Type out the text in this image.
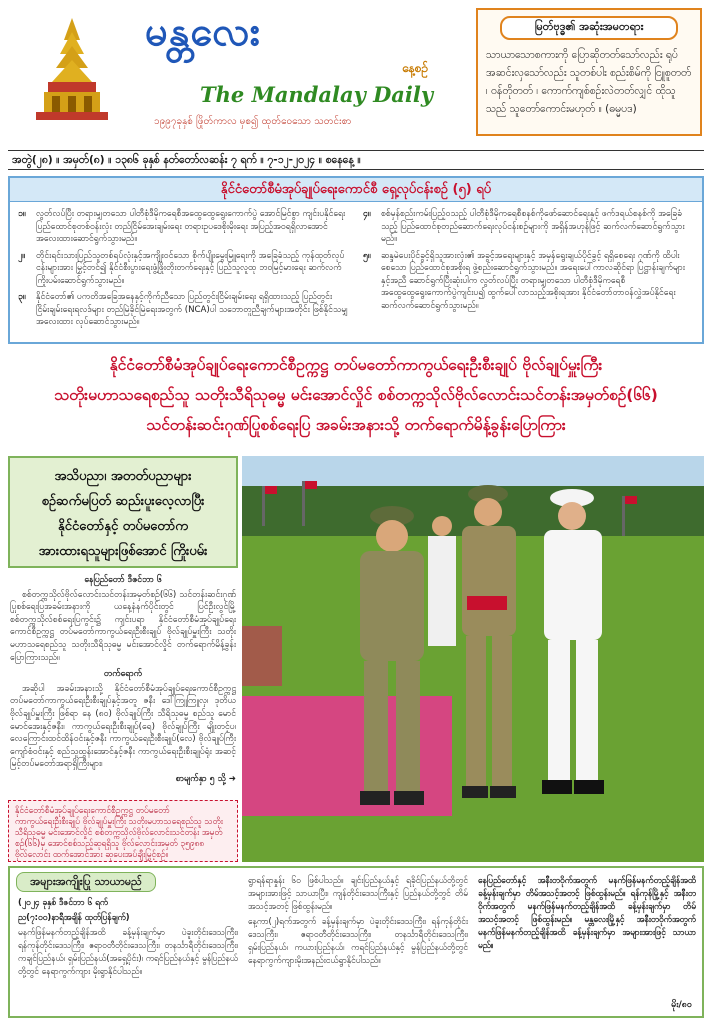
မန္တလေး
နေ့စဉ်
The Mandalay Daily
၁၉၉၇ခုနှစ် ဖြိုတ်ကာလ မှစ၍ ထုတ်ဝေသော သတင်းစာ
မြတ်ဗုဒ္ဓ၏ အဆုံးအမတရား
သာယာသောစကားကို ပြောဆိုတတ်သော်လည်း ရုပ်အဆင်းလှသော်လည်း သူတစ်ပါး စည်းစိမ်ကို ငြူစူတတ် ၊ ဝန်တိုတတ် ၊ ကောက်ကျစ်စဉ်းလဲတတ်လျှင် ထိုသူသည် သူတော်ကောင်းမဟုတ် ။ (ဓမ္မပဒ)
အတွဲ(၂၈) ။ အမှတ်(၈) ။ ၁၃၈၆ ခုနှစ် နတ်တော်လဆန်း ၇ ရက် ။ ၇-၁၂-၂၀၂၄ ။ စနေနေ့ ။
နိုင်ငံတော်စီမံအုပ်ချုပ်ရေးကောင်စီ ရှေ့လုပ်ငန်းစဉ် (၅) ရပ်
၁။	လွတ်လပ်ပြီး တရားမျှတသော ပါတီစုံဒီမိုကရေစီအထွေထွေရွေးကောက်ပွဲ အောင်မြင်စွာ ကျင်းပနိုင်ရေး ပြည်ထောင်စုတစ်ဝန်းလုံး တည်ငြိမ်အေးချမ်းရေး တရားဥပဒေစိုးမိုးရေး အပြည့်အဝရရှိလာအောင် အလေးထားဆောင်ရွက်သွားမည်။
၂။	တိုင်းရင်းသားပြည်သူတစ်ရပ်လုံးနှင့်အကျိုးဝင်သော စိုက်ပျိုးမွေးမြူရေးကို အခြေခံသည့် ကုန်ထုတ်လုပ်ငန်းများအား မြှင့်တင်၍ နိုင်ငံစီးပွားရေးဖွံ့ဖြိုးတိုးတက်ရေးနှင့် ပြည်သူလူထု ဘဝမြင့်မားရေး ဆက်လက်ကြိုးပမ်းဆောင်ရွက်သွားမည်။
၃။	နိုင်ငံတော်၏ ပကတိအခြေအနေနှင့်ကိုက်ညီသော ပြည်တွင်းငြိမ်းချမ်းရေး ရရှိထားသည့် ပြည်တွင်းငြိမ်းချမ်းရေးရလဒ်များ တည်မြဲခိုင်မြဲရေးအတွက် (NCA)ပါ သဘောတူညီချက်များအတိုင်း ဖြစ်နိုင်သမျှ အလေးထား လုပ်ဆောင်သွားမည်။
၄။	စစ်မှန်စည်းကမ်းပြည့်ဝသည့် ပါတီစုံဒီမိုကရေစီစနစ်ကိုဖော်ဆောင်ရေးနှင့် ဖက်ဒရယ်စနစ်ကို အခြေခံသည့် ပြည်ထောင်စုတည်ဆောက်ရေးလုပ်ငန်းစဉ်များကို အရှိန်အဟုန်ဖြင့် ဆက်လက်ဆောင်ရွက်သွားမည်။
၅။	ဆန္ဒမဲပေးပိုင်ခွင့်ရှိသူအားလုံး၏ အခွင့်အရေးများနှင့် အမှန်ရွေးချယ်ပိုင်ခွင့် ရရှိစေရေး ဂုဏ်ကို ထိပါးစေသော ပြည်ထောင်စုအစိုးရ ဖွဲ့စည်းဆောင်ရွက်သွားမည်။ အရေးပေါ်ကာလဆိုင်ရာ ပြဋ္ဌာန်းချက်များနှင့်အညီ ဆောင်ရွက်ပြီးဆုံးပါက လွတ်လပ်ပြီး တရားမျှတသော ပါတီစုံဒီမိုကရေစီ အထွေထွေရွေးကောက်ပွဲကျင်းပ၍ ထွက်ပေါ်လာသည့်အစိုးရအား နိုင်ငံတော်တာဝန်လွှဲအပ်နိုင်ရေး ဆက်လက်ဆောင်ရွက်သွားမည်။
နိုင်ငံတော်စီမံအုပ်ချုပ်ရေးကောင်စီဥက္ကဋ္ဌ တပ်မတော်ကာကွယ်ရေးဦးစီးချုပ် ဗိုလ်ချုပ်မှူးကြီး
သတိုးမဟာသရေစည်သူ သတိုးသီရိသုဓမ္မ မင်းအောင်လှိုင် စစ်တက္ကသိုလ်ဗိုလ်လောင်းသင်တန်းအမှတ်စဉ်(၆၆)
သင်တန်းဆင်းဂုဏ်ပြုစစ်ရေးပြ အခမ်းအနားသို့ တက်ရောက်မိန့်ခွန်းပြောကြား
အသိပညာ၊ အတတ်ပညာများ
စဉ်ဆက်မပြတ် ဆည်းပူးလေ့လာပြီး
နိုင်ငံတော်နှင့် တပ်မတော်က
အားထားရသူများဖြစ်အောင် ကြိုးပမ်း

နေပြည်တော် ဒီဇင်ဘာ ၆

စစ်တက္ကသိုလ်ဗိုလ်လောင်းသင်တန်းအမှတ်စဉ်(၆၆) သင်တန်းဆင်းဂုဏ်ပြုစစ်ရေးပြအခမ်းအနားကို ယနေ့နံနက်ပိုင်းတွင် ပြင်ဦးလွင်မြို့ စစ်တက္ကသိုလ်စစ်ရေးပြကွင်း၌ ကျင်းပရာ နိုင်ငံတော်စီမံအုပ်ချုပ်ရေးကောင်စီဥက္ကဋ္ဌ တပ်မတော်ကာကွယ်ရေးဦးစီးချုပ် ဗိုလ်ချုပ်မှူးကြီး သတိုးမဟာသရေစည်သူ သတိုးသီရိသုဓမ္မ မင်းအောင်လှိုင် တက်ရောက်မိန့်ခွန်းပြောကြားသည်။

တက်ရောက်

အဆိုပါ အခမ်းအနားသို့ နိုင်ငံတော်စီမံအုပ်ချုပ်ရေးကောင်စီဥက္ကဋ္ဌ တပ်မတော်ကာကွယ်ရေးဦးစီးချုပ်နှင့်အတူ ဇနီး ဒေါ်ကြူကြူလှ၊ ဒုတိယဗိုလ်ချုပ်မှူးကြီး ဖြစ်ရာ နေ (၈၀) ဗိုလ်ချုပ်ကြီး သီရိသုဓမ္မ စည်သူ မောင်မောင်အေးနှင့်ဇနီး၊ ကာကွယ်ရေးဦးစီးချုပ်(ရေ) ဗိုလ်ချုပ်ကြီး မျိုးတင့်ပ၊ လေကြောင်းထင်ထိန်ဝင်းနှင့်ဇနီး ကာကွယ်ရေးဦးစီးချုပ်(လေ) ဗိုလ်ချုပ်ကြီး ကျော်စံဝင်းနှင့် စည်သူထွန်းအောင်နှင့်ဇနီး ကာကွယ်ရေးဦးစီးချုပ်ရုံး အဆင့်မြင့်တပ်မတော်အရာရှိကြီးများ၊

စာမျက်နှာ ၅ သို့ ➜

နိုင်ငံတော်စီမံအုပ်ချုပ်ရေးကောင်စီဥက္ကဋ္ဌ တပ်မတော်ကာကွယ်ရေးဦးစီးချုပ် ဗိုလ်ချုပ်မှူးကြီး သတိုးမဟာသရေစည်သူ သတိုးသီရိသုဓမ္မ မင်းအောင်လှိုင် စစ်တက္ကသိုလ်ဗိုလ်လောင်းသင်တန်း အမှတ်စဉ်(၆၆)မှ အောင်စစ်သည့်ဆုရရှိသူ ဗိုလ်လောင်းအမှတ် ၃၅၉၈၈ ဗိုလ်လောင်း ထက်အောင်အား ဆုပေးအပ်ချီးမြှင့်စဉ်။
အများအကျိုးပြု သာယာမည်

(၂၀၂၄ ခုနှစ် ဒီဇင်ဘာ ၆ ရက်

ည(၇:၀၀)နာရီအချိန် ထုတ်ပြန်ချက်)

မနက်ဖြန်မနက်တည့်ချိန်အထိ ခန့်မှန်းချက်မှာ ပဲခူးတိုင်းဒေသကြီး၊ ရန်ကုန်တိုင်းဒေသကြီး၊ ဧရာဝတီတိုင်းဒေသကြီး၊ တနင်္သာရီတိုင်းဒေသကြီး၊ ကချင်ပြည်နယ်၊ ရှမ်းပြည်နယ်(အရှေ့ပိုင်း)၊ ကရင်ပြည်နယ်နှင့် မွန်ပြည်နယ်တို့တွင် နေရာကွက်ကျား မိုးရွာနိုင်ပါသည်။

ရွာရန်ရာနှုန်း ၆၀ ဖြစ်ပါသည်။ ချင်းပြည်နယ်နှင့် ရခိုင်ပြည်နယ်တို့တွင် အများအားဖြင့် သာယာပြီး၊ ကျန်တိုင်းဒေသကြီးနှင့် ပြည်နယ်တို့တွင် တိမ်အသင့်အတင့် ဖြစ်ထွန်းမည်။

နေ့ကာ(၂)ရက်အတွက် ခန့်မှန်းချက်မှာ ပဲခူးတိုင်းဒေသကြီး၊ ရန်ကုန်တိုင်းဒေသကြီး၊ ဧရာဝတီတိုင်းဒေသကြီး၊ တနင်္သာရီတိုင်းဒေသကြီး၊ ရှမ်းပြည်နယ်၊ ကယားပြည်နယ်၊ ကရင်ပြည်နယ်နှင့် မွန်ပြည်နယ်တို့တွင် နေရာကွက်ကျားမိုးအနည်းငယ်ရွာနိုင်ပါသည်။

နေပြည်တော်နှင့် အနီးတဝိုက်အတွက် မနက်ဖြန်မနက်တည့်ချိန်အထိ ခန့်မှန်းချက်မှာ တိမ်အသင့်အတင့် ဖြစ်ထွန်းမည်။ ရန်ကုန်မြို့နှင့် အနီးတဝိုက်အတွက် မနက်ဖြန်မနက်တည့်ချိန်အထိ ခန့်မှန်းချက်မှာ တိမ်အသင့်အတင့် ဖြစ်ထွန်းမည်။ မန္တလေးမြို့နှင့် အနီးတဝိုက်အတွက် မနက်ဖြန်မနက်တည့်ချိန်အထိ ခန့်မှန်းချက်မှာ အများအားဖြင့် သာယာမည်။

မိုး/၈၀
